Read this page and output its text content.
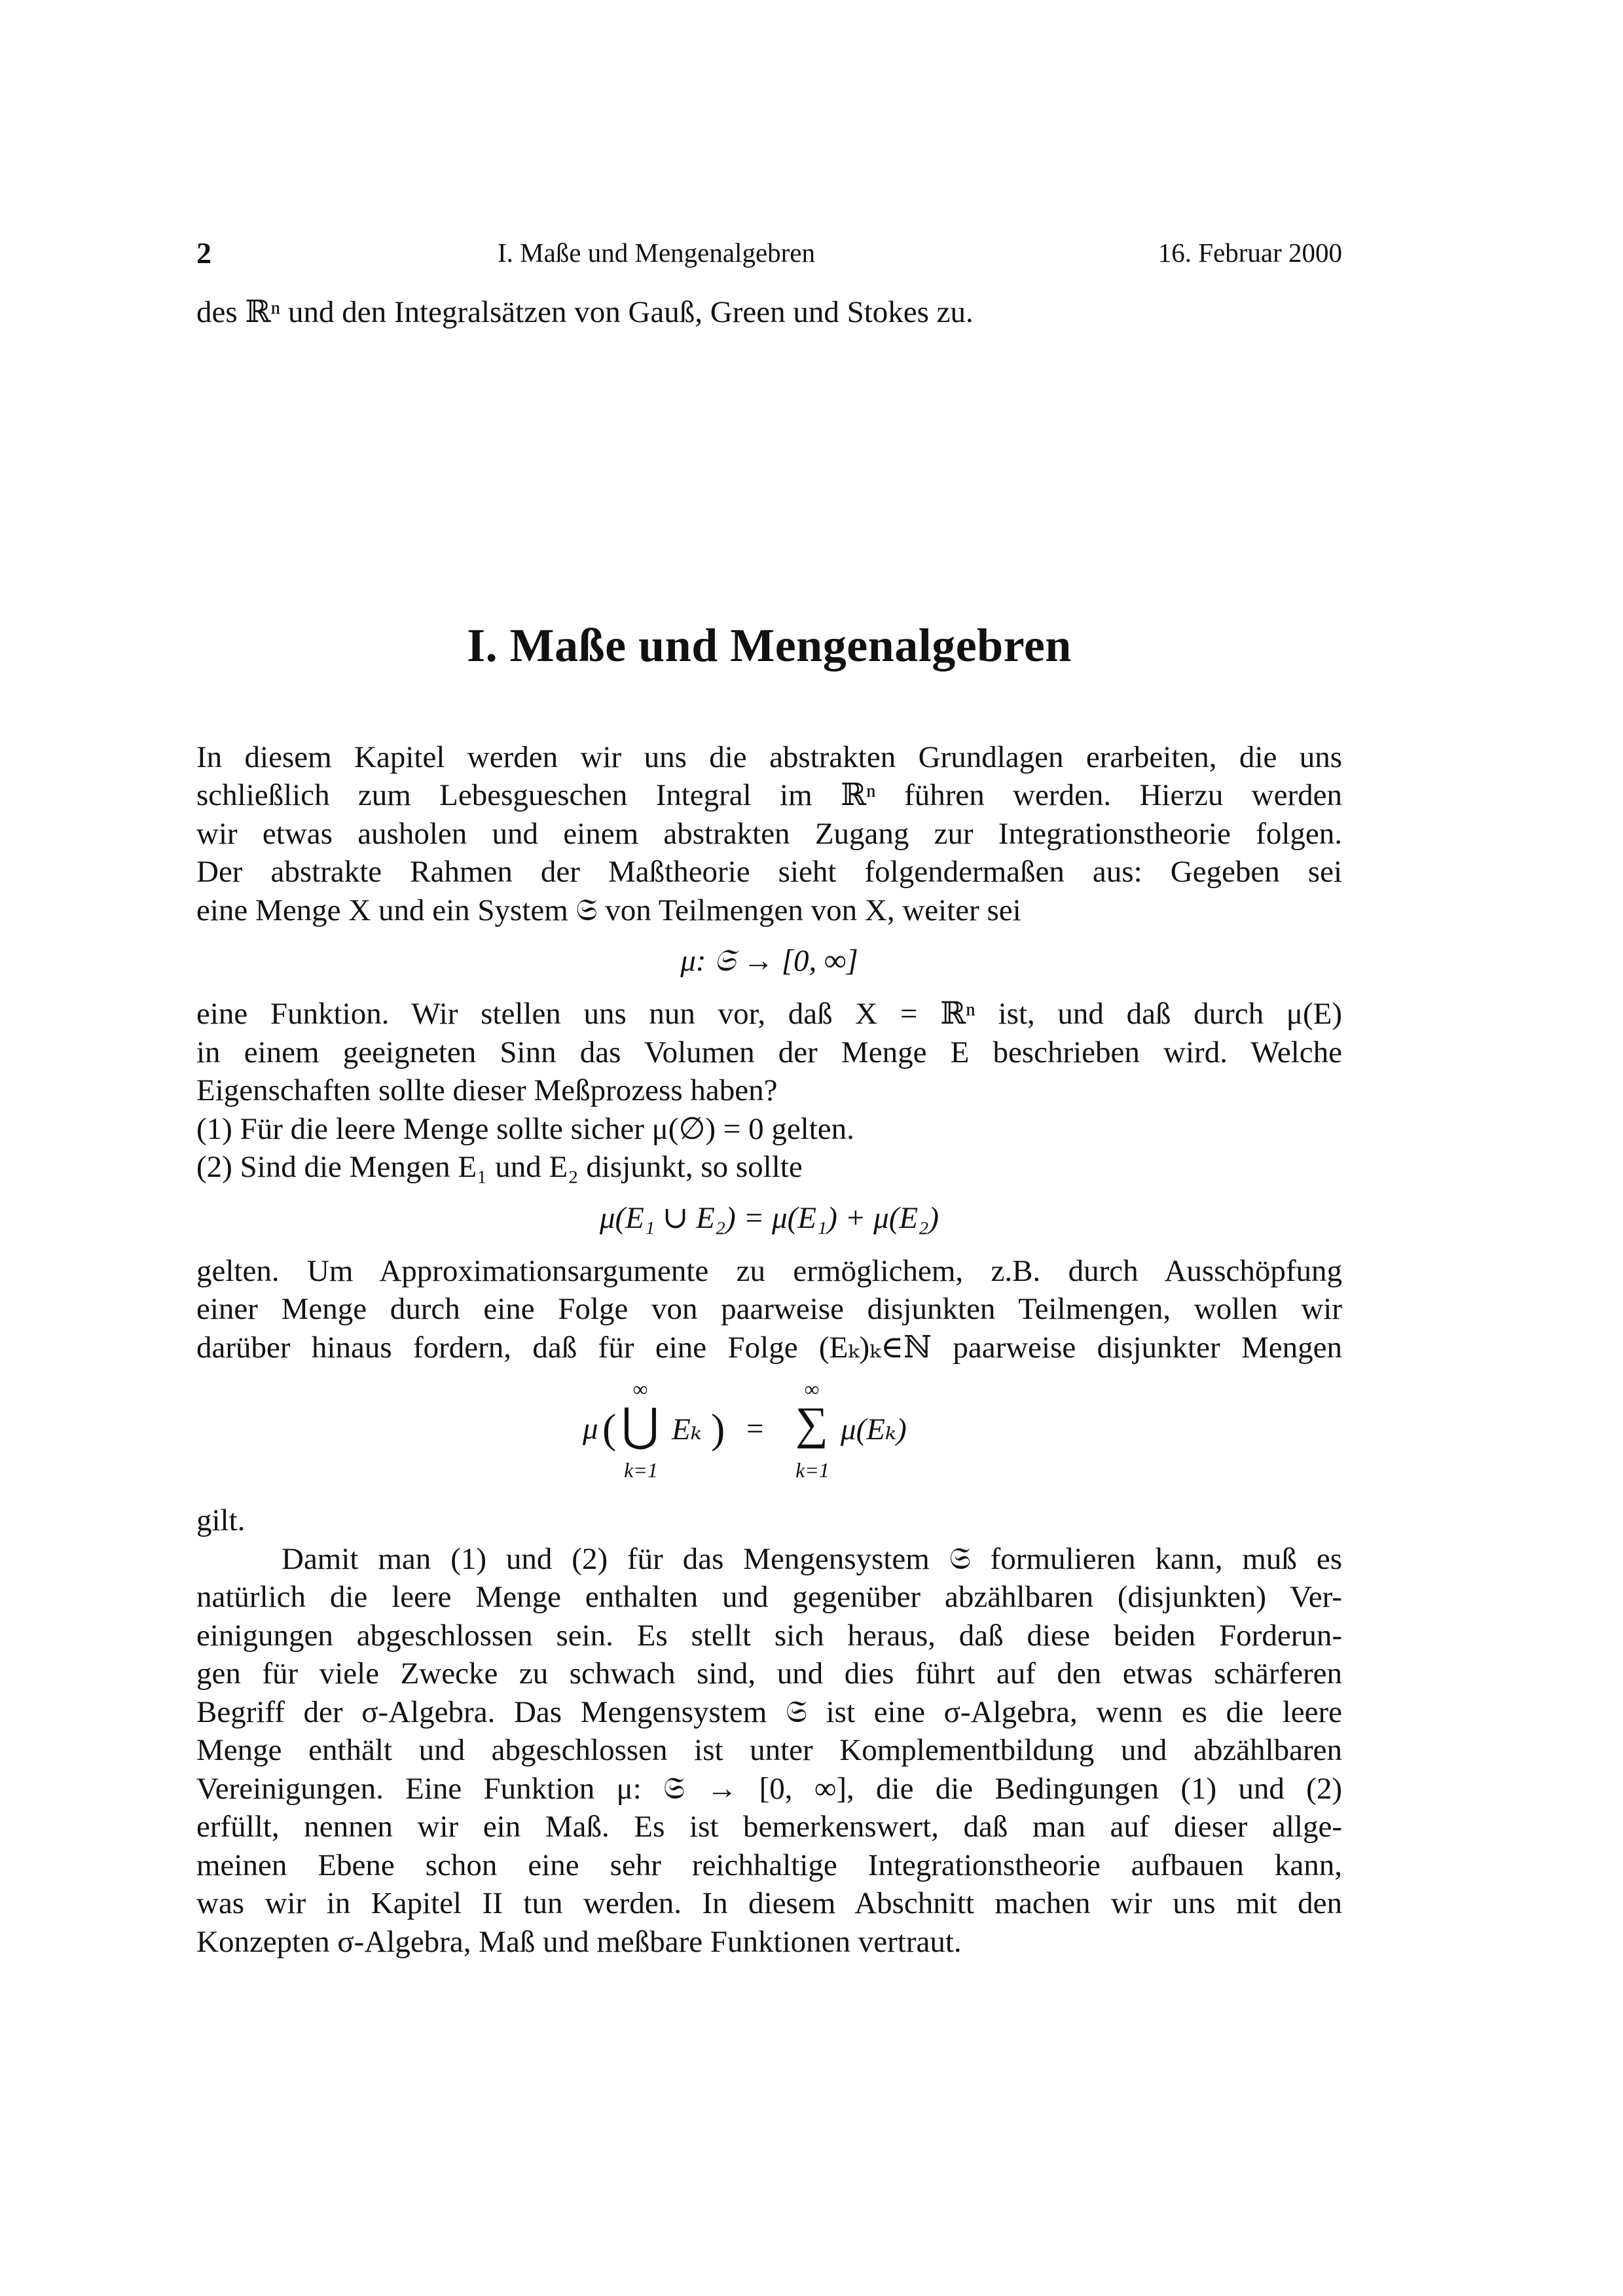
2	I. Maße und Mengenalgebren	16. Februar 2000
des ℝⁿ und den Integralsätzen von Gauß, Green und Stokes zu.
I. Maße und Mengenalgebren
In diesem Kapitel werden wir uns die abstrakten Grundlagen erarbeiten, die uns
schließlich zum Lebesgueschen Integral im ℝⁿ führen werden. Hierzu werden
wir etwas ausholen und einem abstrakten Zugang zur Integrationstheorie folgen.
Der abstrakte Rahmen der Maßtheorie sieht folgendermaßen aus: Gegeben sei
eine Menge X und ein System 𝔖 von Teilmengen von X, weiter sei
μ: 𝔖 → [0, ∞]
eine Funktion. Wir stellen uns nun vor, daß X = ℝⁿ ist, und daß durch μ(E)
in einem geeigneten Sinn das Volumen der Menge E beschrieben wird. Welche
Eigenschaften sollte dieser Meßprozess haben?
(1) Für die leere Menge sollte sicher μ(∅) = 0 gelten.
(2) Sind die Mengen E₁ und E₂ disjunkt, so sollte
μ(E₁ ∪ E₂) = μ(E₁) + μ(E₂)
gelten. Um Approximationsargumente zu ermöglichem, z.B. durch Ausschöpfung
einer Menge durch eine Folge von paarweise disjunkten Teilmengen, wollen wir
darüber hinaus fordern, daß für eine Folge (Eₖ)ₖ∈ℕ paarweise disjunkter Mengen
μ (
∞
⋃
k=1
Eₖ ) =
∞
∑
k=1
μ(Eₖ)
gilt.
Damit man (1) und (2) für das Mengensystem 𝔖 formulieren kann, muß es
natürlich die leere Menge enthalten und gegenüber abzählbaren (disjunkten) Ver-
einigungen abgeschlossen sein. Es stellt sich heraus, daß diese beiden Forderun-
gen für viele Zwecke zu schwach sind, und dies führt auf den etwas schärferen
Begriff der σ-Algebra. Das Mengensystem 𝔖 ist eine σ-Algebra, wenn es die leere
Menge enthält und abgeschlossen ist unter Komplementbildung und abzählbaren
Vereinigungen. Eine Funktion μ: 𝔖 → [0, ∞], die die Bedingungen (1) und (2)
erfüllt, nennen wir ein Maß. Es ist bemerkenswert, daß man auf dieser allge-
meinen Ebene schon eine sehr reichhaltige Integrationstheorie aufbauen kann,
was wir in Kapitel II tun werden. In diesem Abschnitt machen wir uns mit den
Konzepten σ-Algebra, Maß und meßbare Funktionen vertraut.
